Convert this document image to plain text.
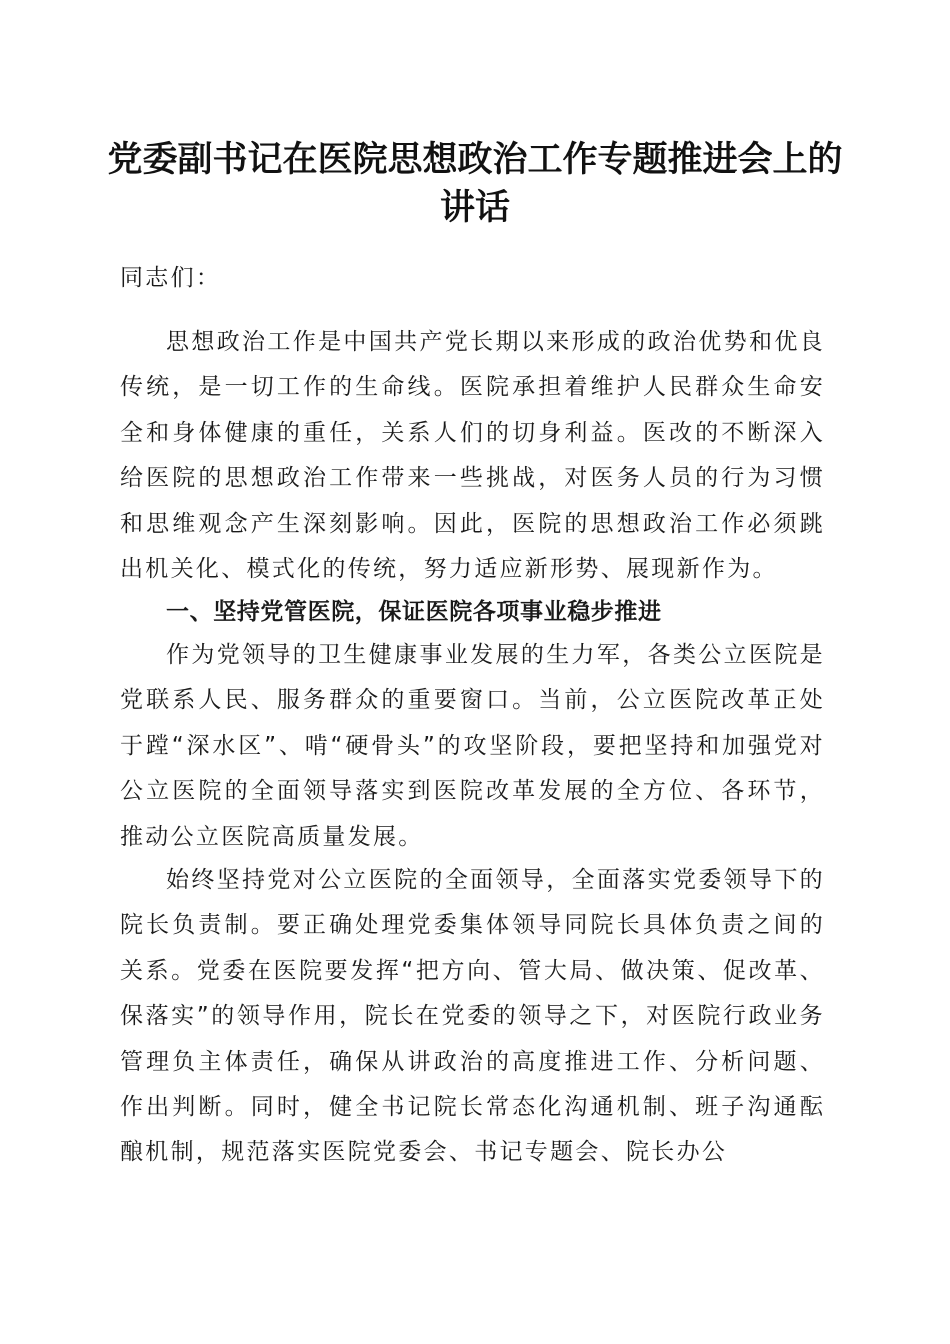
党委副书记在医院思想政治工作专题推进会上的讲话

同志们：

思想政治工作是中国共产党长期以来形成的政治优势和优良传统，是一切工作的生命线。医院承担着维护人民群众生命安全和身体健康的重任，关系人们的切身利益。医改的不断深入给医院的思想政治工作带来一些挑战，对医务人员的行为习惯和思维观念产生深刻影响。因此，医院的思想政治工作必须跳出机关化、模式化的传统，努力适应新形势、展现新作为。

一、坚持党管医院，保证医院各项事业稳步推进

作为党领导的卫生健康事业发展的生力军，各类公立医院是党联系人民、服务群众的重要窗口。当前，公立医院改革正处于蹚“深水区”、啃“硬骨头”的攻坚阶段，要把坚持和加强党对公立医院的全面领导落实到医院改革发展的全方位、各环节，推动公立医院高质量发展。

始终坚持党对公立医院的全面领导，全面落实党委领导下的院长负责制。要正确处理党委集体领导同院长具体负责之间的关系。党委在医院要发挥“把方向、管大局、做决策、促改革、保落实”的领导作用，院长在党委的领导之下，对医院行政业务管理负主体责任，确保从讲政治的高度推进工作、分析问题、作出判断。同时，健全书记院长常态化沟通机制、班子沟通酝酿机制，规范落实医院党委会、书记专题会、院长办公
